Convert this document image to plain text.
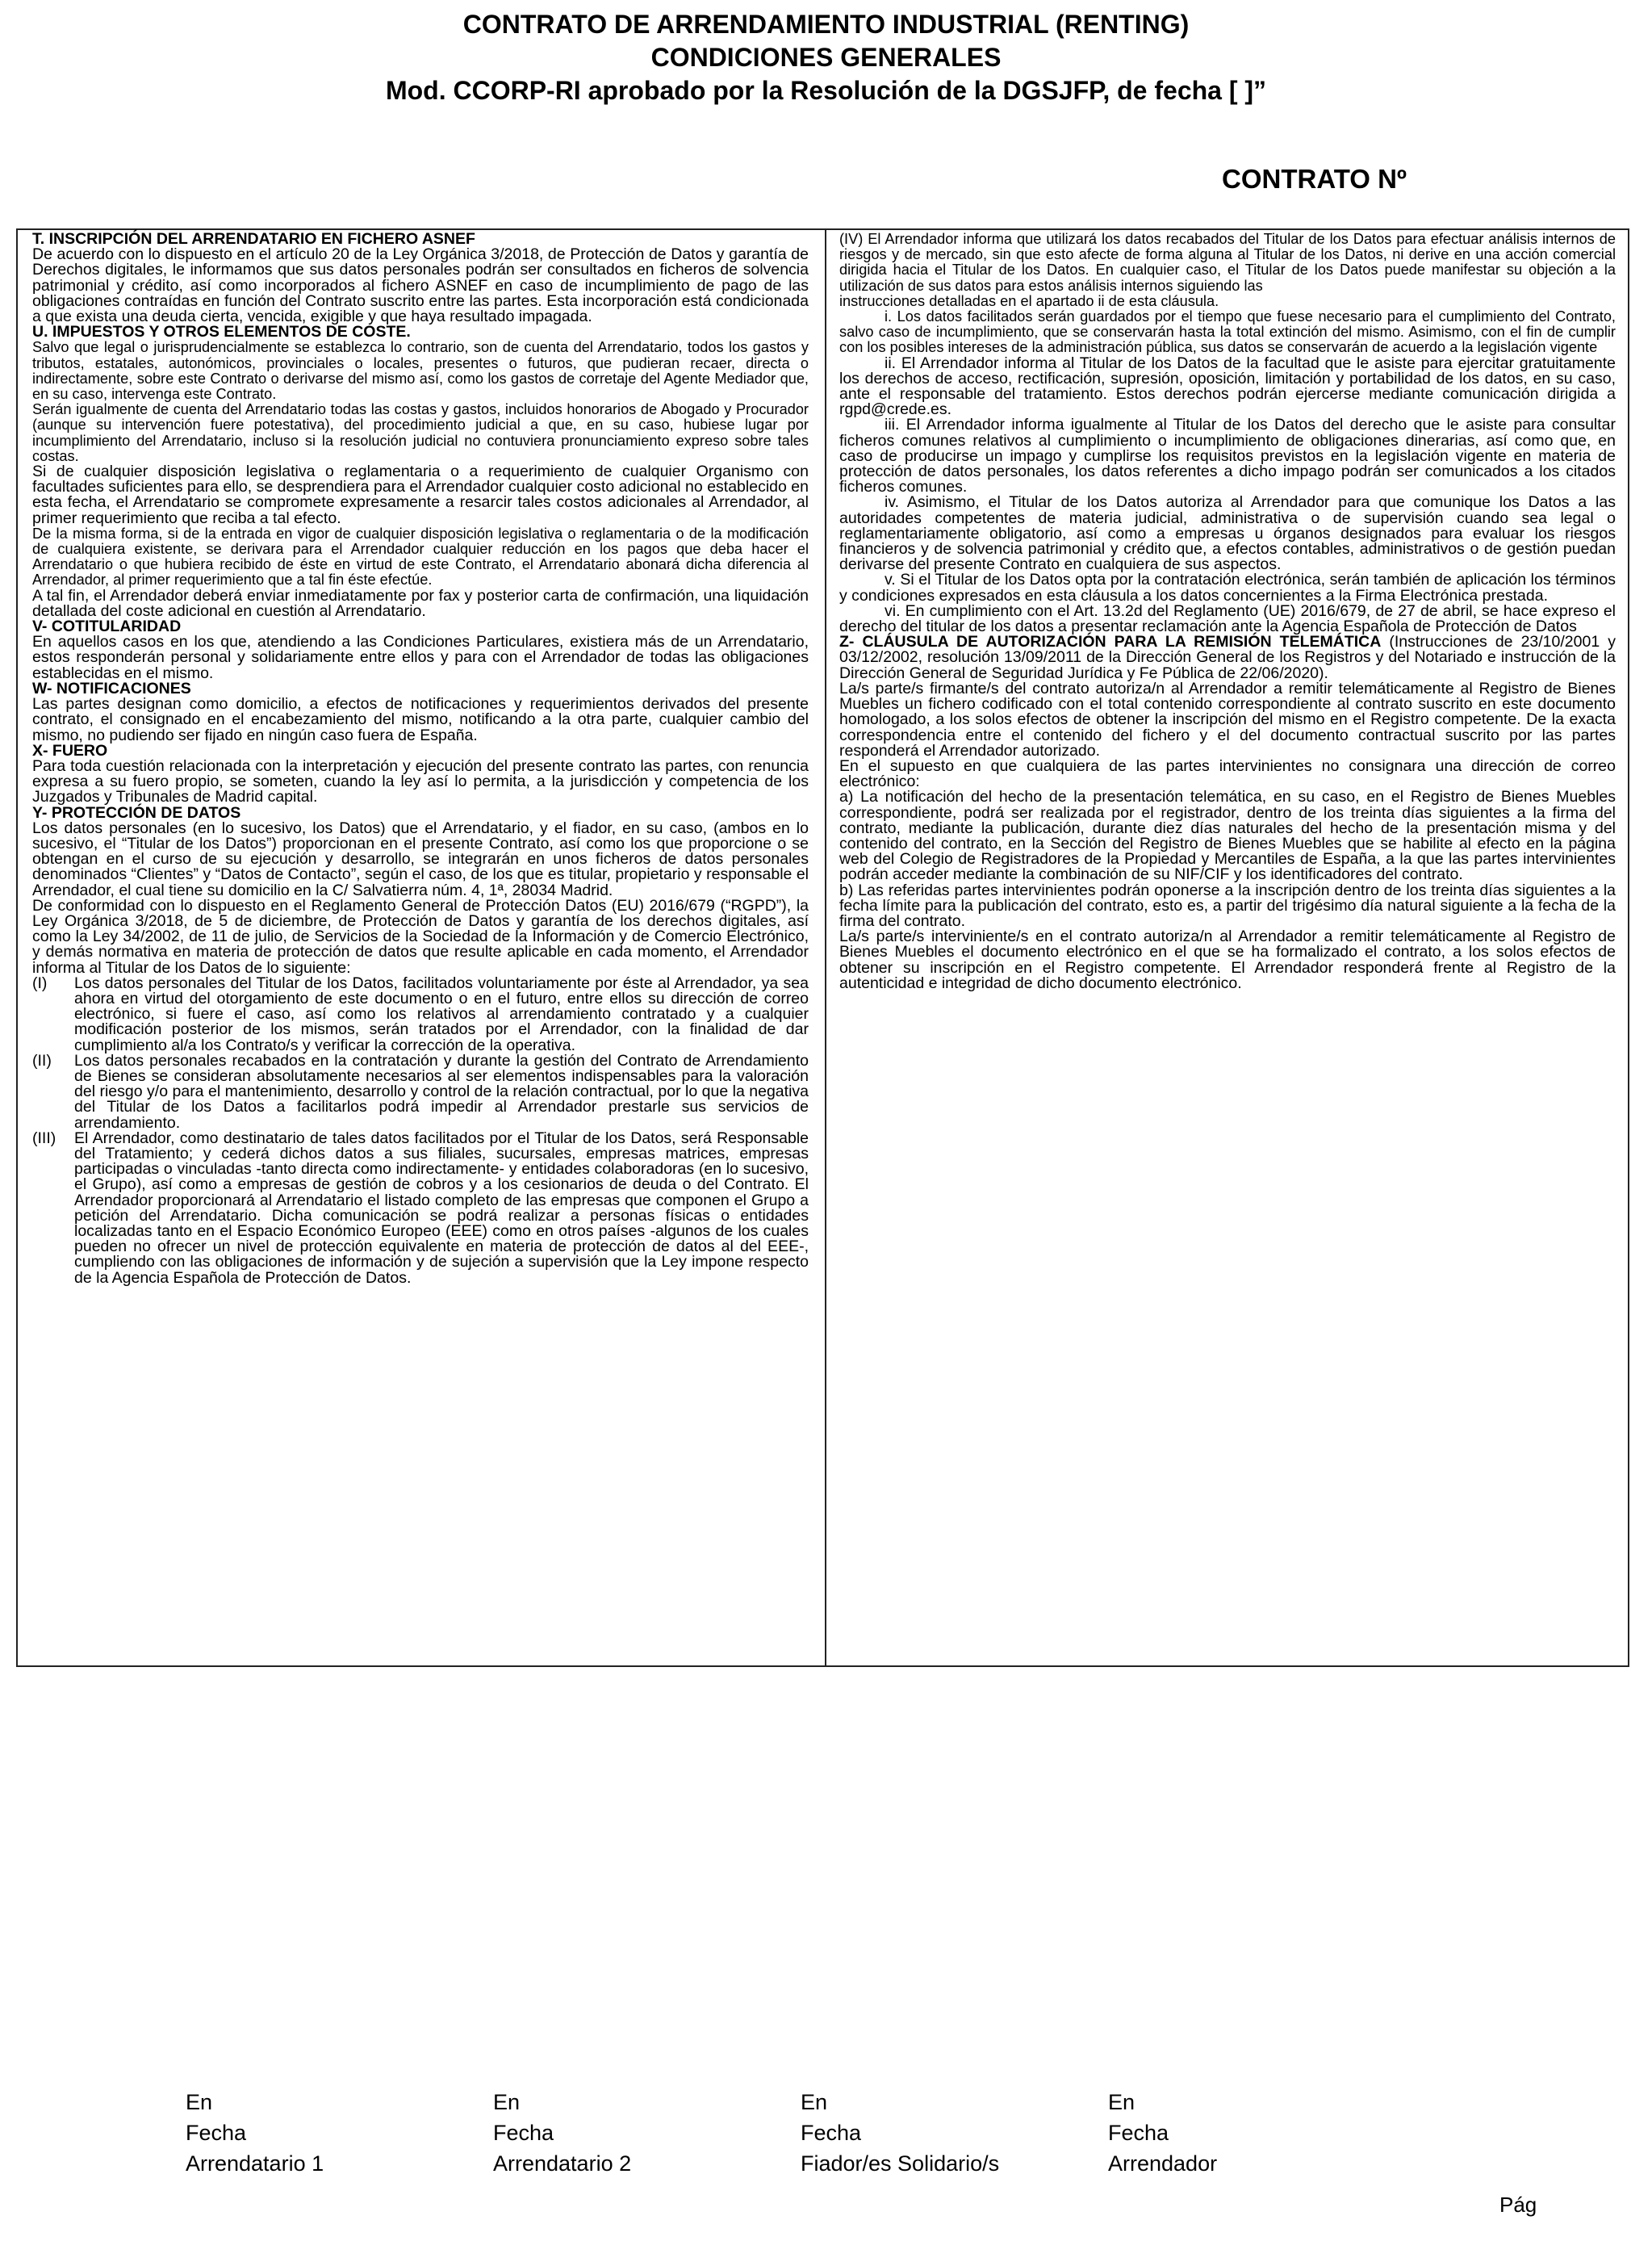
CONTRATO DE ARRENDAMIENTO INDUSTRIAL (RENTING)
CONDICIONES GENERALES
Mod. CCORP-RI aprobado por la Resolución de la DGSJFP, de fecha [ ]”
CONTRATO Nº

T. INSCRIPCIÓN DEL ARRENDATARIO EN FICHERO ASNEF

De acuerdo con lo dispuesto en el artículo 20 de la Ley Orgánica 3/2018, de Protección de Datos y garantía de Derechos digitales, le informamos que sus datos personales podrán ser consultados en ficheros de solvencia patrimonial y crédito, así como incorporados al fichero ASNEF en caso de incumplimiento de pago de las obligaciones contraídas en función del Contrato suscrito entre las partes. Esta incorporación está condicionada a que exista una deuda cierta, vencida, exigible y que haya resultado impagada.

U. IMPUESTOS Y OTROS ELEMENTOS DE COSTE.

Salvo que legal o jurisprudencialmente se establezca lo contrario, son de cuenta del Arrendatario, todos los gastos y tributos, estatales, autonómicos, provinciales o locales, presentes o futuros, que pudieran recaer, directa o indirectamente, sobre este Contrato o derivarse del mismo así, como los gastos de corretaje del Agente Mediador que, en su caso, intervenga este Contrato.

Serán igualmente de cuenta del Arrendatario todas las costas y gastos, incluidos honorarios de Abogado y Procurador (aunque su intervención fuere potestativa), del procedimiento judicial a que, en su caso, hubiese lugar por incumplimiento del Arrendatario, incluso si la resolución judicial no contuviera pronunciamiento expreso sobre tales costas.

Si de cualquier disposición legislativa o reglamentaria o a requerimiento de cualquier Organismo con facultades suficientes para ello, se desprendiera para el Arrendador cualquier costo adicional no establecido en esta fecha, el Arrendatario se compromete expresamente a resarcir tales costos adicionales al Arrendador, al primer requerimiento que reciba a tal efecto.

De la misma forma, si de la entrada en vigor de cualquier disposición legislativa o reglamentaria o de la modificación de cualquiera existente, se derivara para el Arrendador cualquier reducción en los pagos que deba hacer el Arrendatario o que hubiera recibido de éste en virtud de este Contrato, el Arrendatario abonará dicha diferencia al Arrendador, al primer requerimiento que a tal fin éste efectúe.

A tal fin, el Arrendador deberá enviar inmediatamente por fax y posterior carta de confirmación, una liquidación detallada del coste adicional en cuestión al Arrendatario.

V- COTITULARIDAD

En aquellos casos en los que, atendiendo a las Condiciones Particulares, existiera más de un Arrendatario, estos responderán personal y solidariamente entre ellos y para con el Arrendador de todas las obligaciones establecidas en el mismo.

W- NOTIFICACIONES

Las partes designan como domicilio, a efectos de notificaciones y requerimientos derivados del presente contrato, el consignado en el encabezamiento del mismo, notificando a la otra parte, cualquier cambio del mismo, no pudiendo ser fijado en ningún caso fuera de España.

X- FUERO

Para toda cuestión relacionada con la interpretación y ejecución del presente contrato las partes, con renuncia expresa a su fuero propio, se someten, cuando la ley así lo permita, a la jurisdicción y competencia de los Juzgados y Tribunales de Madrid capital.

Y- PROTECCIÓN DE DATOS

Los datos personales (en lo sucesivo, los Datos) que el Arrendatario, y el fiador, en su caso, (ambos en lo sucesivo, el “Titular de los Datos”) proporcionan en el presente Contrato, así como los que proporcione o se obtengan en el curso de su ejecución y desarrollo, se integrarán en unos ficheros de datos personales denominados “Clientes” y “Datos de Contacto”, según el caso, de los que es titular, propietario y responsable el Arrendador, el cual tiene su domicilio en la C/ Salvatierra núm. 4, 1ª, 28034 Madrid.

De conformidad con lo dispuesto en el Reglamento General de Protección Datos (EU) 2016/679 (“RGPD”), la Ley Orgánica 3/2018, de 5 de diciembre, de Protección de Datos y garantía de los derechos digitales, así como la Ley 34/2002, de 11 de julio, de Servicios de la Sociedad de la Información y de Comercio Electrónico, y demás normativa en materia de protección de datos que resulte aplicable en cada momento, el Arrendador informa al Titular de los Datos de lo siguiente:

(I)	Los datos personales del Titular de los Datos, facilitados voluntariamente por éste al Arrendador, ya sea ahora en virtud del otorgamiento de este documento o en el futuro, entre ellos su dirección de correo electrónico, si fuere el caso, así como los relativos al arrendamiento contratado y a cualquier modificación posterior de los mismos, serán tratados por el Arrendador, con la finalidad de dar cumplimiento al/a los Contrato/s y verificar la corrección de la operativa.
(II)	Los datos personales recabados en la contratación y durante la gestión del Contrato de Arrendamiento de Bienes se consideran absolutamente necesarios al ser elementos indispensables para la valoración del riesgo y/o para el mantenimiento, desarrollo y control de la relación contractual, por lo que la negativa del Titular de los Datos a facilitarlos podrá impedir al Arrendador prestarle sus servicios de arrendamiento.
(III)	El Arrendador, como destinatario de tales datos facilitados por el Titular de los Datos, será Responsable del Tratamiento; y cederá dichos datos a sus filiales, sucursales, empresas matrices, empresas participadas o vinculadas -tanto directa como indirectamente- y entidades colaboradoras (en lo sucesivo, el Grupo), así como a empresas de gestión de cobros y a los cesionarios de deuda o del Contrato. El Arrendador proporcionará al Arrendatario el listado completo de las empresas que componen el Grupo a petición del Arrendatario. Dicha comunicación se podrá realizar a personas físicas o entidades localizadas tanto en el Espacio Económico Europeo (EEE) como en otros países -algunos de los cuales pueden no ofrecer un nivel de protección equivalente en materia de protección de datos al del EEE-, cumpliendo con las obligaciones de información y de sujeción a supervisión que la Ley impone respecto de la Agencia Española de Protección de Datos.

(IV) El Arrendador informa que utilizará los datos recabados del Titular de los Datos para efectuar análisis internos de riesgos y de mercado, sin que esto afecte de forma alguna al Titular de los Datos, ni derive en una acción comercial dirigida hacia el Titular de los Datos. En cualquier caso, el Titular de los Datos puede manifestar su objeción a la utilización de sus datos para estos análisis internos siguiendo las

instrucciones detalladas en el apartado ii de esta cláusula.

i. Los datos facilitados serán guardados por el tiempo que fuese necesario para el cumplimiento del Contrato, salvo caso de incumplimiento, que se conservarán hasta la total extinción del mismo. Asimismo, con el fin de cumplir con los posibles intereses de la administración pública, sus datos se conservarán de acuerdo a la legislación vigente

ii. El Arrendador informa al Titular de los Datos de la facultad que le asiste para ejercitar gratuitamente los derechos de acceso, rectificación, supresión, oposición, limitación y portabilidad de los datos, en su caso, ante el responsable del tratamiento. Estos derechos podrán ejercerse mediante comunicación dirigida a rgpd@crede.es.

iii. El Arrendador informa igualmente al Titular de los Datos del derecho que le asiste para consultar ficheros comunes relativos al cumplimiento o incumplimiento de obligaciones dinerarias, así como que, en caso de producirse un impago y cumplirse los requisitos previstos en la legislación vigente en materia de protección de datos personales, los datos referentes a dicho impago podrán ser comunicados a los citados ficheros comunes.

iv. Asimismo, el Titular de los Datos autoriza al Arrendador para que comunique los Datos a las autoridades competentes de materia judicial, administrativa o de supervisión cuando sea legal o reglamentariamente obligatorio, así como a empresas u órganos designados para evaluar los riesgos financieros y de solvencia patrimonial y crédito que, a efectos contables, administrativos o de gestión puedan derivarse del presente Contrato en cualquiera de sus aspectos.

v. Si el Titular de los Datos opta por la contratación electrónica, serán también de aplicación los términos y condiciones expresados en esta cláusula a los datos concernientes a la Firma Electrónica prestada.

vi. En cumplimiento con el Art. 13.2d del Reglamento (UE) 2016/679, de 27 de abril, se hace expreso el derecho del titular de los datos a presentar reclamación ante la Agencia Española de Protección de Datos

Z- CLÁUSULA DE AUTORIZACIÓN PARA LA REMISIÓN TELEMÁTICA (Instrucciones de 23/10/2001 y 03/12/2002, resolución 13/09/2011 de la Dirección General de los Registros y del Notariado e instrucción de la Dirección General de Seguridad Jurídica y Fe Pública de 22/06/2020).

La/s parte/s firmante/s del contrato autoriza/n al Arrendador a remitir telemáticamente al Registro de Bienes Muebles un fichero codificado con el total contenido correspondiente al contrato suscrito en este documento homologado, a los solos efectos de obtener la inscripción del mismo en el Registro competente. De la exacta correspondencia entre el contenido del fichero y el del documento contractual suscrito por las partes responderá el Arrendador autorizado.

En el supuesto en que cualquiera de las partes intervinientes no consignara una dirección de correo electrónico:

a) La notificación del hecho de la presentación telemática, en su caso, en el Registro de Bienes Muebles correspondiente, podrá ser realizada por el registrador, dentro de los treinta días siguientes a la firma del contrato, mediante la publicación, durante diez días naturales del hecho de la presentación misma y del contenido del contrato, en la Sección del Registro de Bienes Muebles que se habilite al efecto en la página web del Colegio de Registradores de la Propiedad y Mercantiles de España, a la que las partes intervinientes podrán acceder mediante la combinación de su NIF/CIF y los identificadores del contrato.

b) Las referidas partes intervinientes podrán oponerse a la inscripción dentro de los treinta días siguientes a la fecha límite para la publicación del contrato, esto es, a partir del trigésimo día natural siguiente a la fecha de la firma del contrato.

La/s parte/s interviniente/s en el contrato autoriza/n al Arrendador a remitir telemáticamente al Registro de Bienes Muebles el documento electrónico en el que se ha formalizado el contrato, a los solos efectos de obtener su inscripción en el Registro competente. El Arrendador responderá frente al Registro de la autenticidad e integridad de dicho documento electrónico.

En
Fecha
Arrendatario 1
En
Fecha
Arrendatario 2
En
Fecha
Fiador/es Solidario/s
En
Fecha
Arrendador
Pág
